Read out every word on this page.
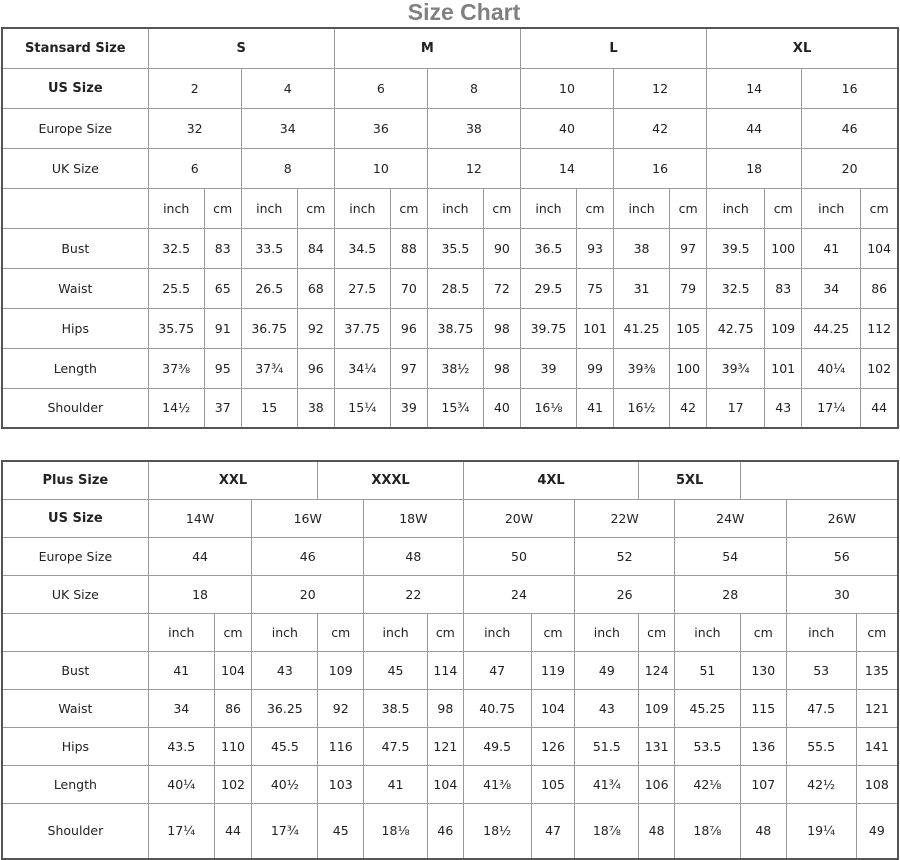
Size Chart
Stansard Size	S				M				L				XL			
US Size	2		4		6		8		10		12		14		16	
Europe Size	32		34		36		38		40		42		44		46	
UK Size	6		8		10		12		14		16		18		20	
	inch	cm	inch	cm	inch	cm	inch	cm	inch	cm	inch	cm	inch	cm	inch	cm
Bust	32.5	83	33.5	84	34.5	88	35.5	90	36.5	93	38	97	39.5	100	41	104
Waist	25.5	65	26.5	68	27.5	70	28.5	72	29.5	75	31	79	32.5	83	34	86
Hips	35.75	91	36.75	92	37.75	96	38.75	98	39.75	101	41.25	105	42.75	109	44.25	112
Length	37⅜	95	37¾	96	34¼	97	38½	98	39	99	39⅜	100	39¾	101	40¼	102
Shoulder	14½	37	15	38	15¼	39	15¾	40	16⅛	41	16½	42	17	43	17¼	44
Plus Size	XXL			XXXL			4XL			5XL				
US Size	14W		16W		18W		20W		22W		24W		26W	
Europe Size	44		46		48		50		52		54		56	
UK Size	18		20		22		24		26		28		30	
	inch	cm	inch	cm	inch	cm	inch	cm	inch	cm	inch	cm	inch	cm
Bust	41	104	43	109	45	114	47	119	49	124	51	130	53	135
Waist	34	86	36.25	92	38.5	98	40.75	104	43	109	45.25	115	47.5	121
Hips	43.5	110	45.5	116	47.5	121	49.5	126	51.5	131	53.5	136	55.5	141
Length	40¼	102	40½	103	41	104	41⅜	105	41¾	106	42⅛	107	42½	108
Shoulder	17¼	44	17¾	45	18⅛	46	18½	47	18⅞	48	18⅞	48	19¼	49
